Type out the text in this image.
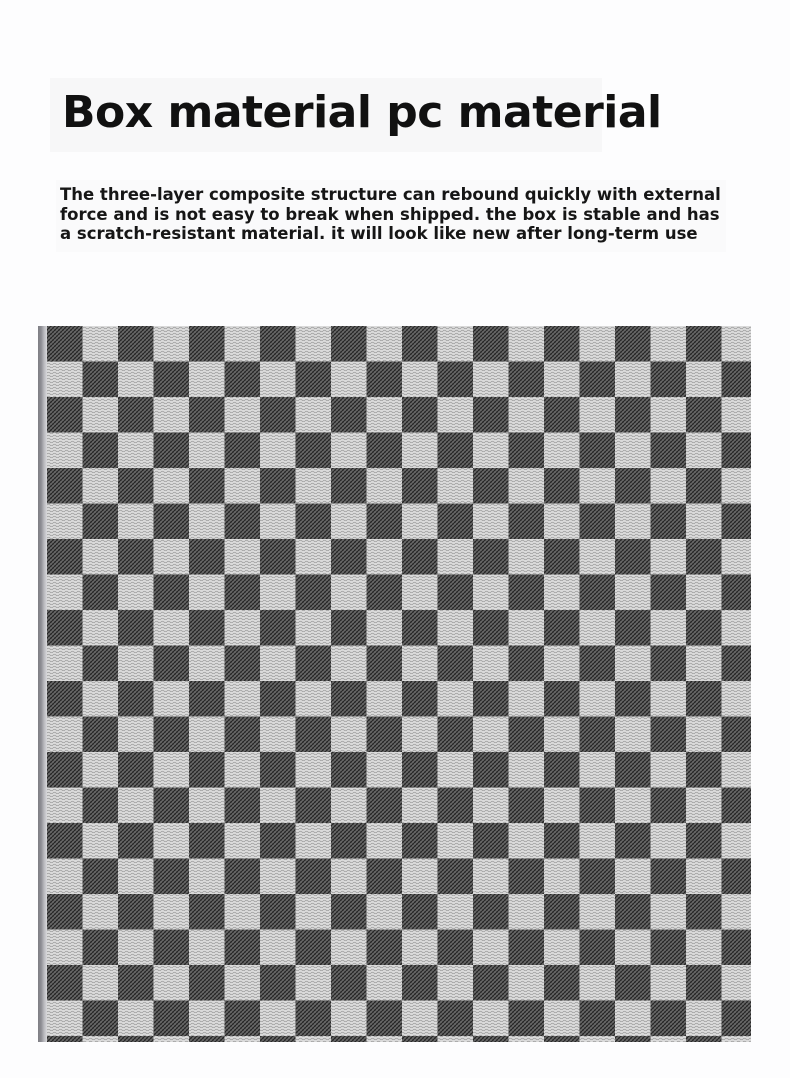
Box material pc material

The three-layer composite structure can rebound quickly with external
force and is not easy to break when shipped. the box is stable and has
a scratch-resistant material. it will look like new after long-term use
